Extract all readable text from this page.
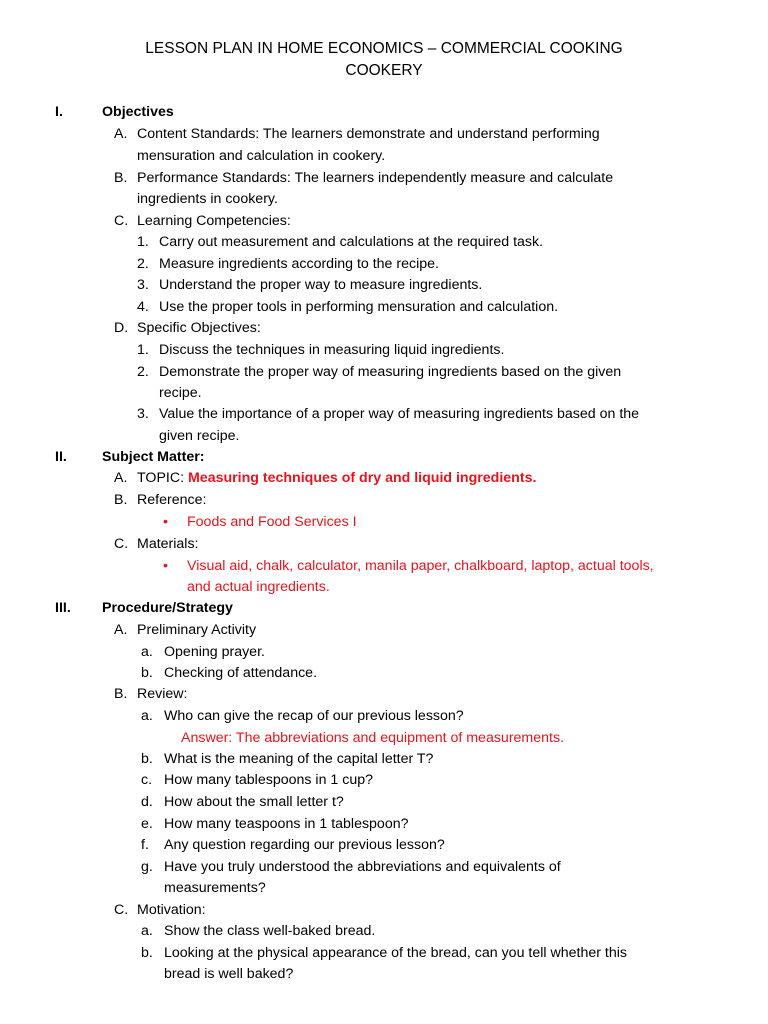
LESSON PLAN IN HOME ECONOMICS – COMMERCIAL COOKING
COOKERY
I.	Objectives
A. Content Standards: The learners demonstrate and understand performing
mensuration and calculation in cookery.
B. Performance Standards: The learners independently measure and calculate
ingredients in cookery.
C. Learning Competencies:
1. Carry out measurement and calculations at the required task.
2. Measure ingredients according to the recipe.
3. Understand the proper way to measure ingredients.
4. Use the proper tools in performing mensuration and calculation.
D. Specific Objectives:
1. Discuss the techniques in measuring liquid ingredients.
2. Demonstrate the proper way of measuring ingredients based on the given
recipe.
3. Value the importance of a proper way of measuring ingredients based on the
given recipe.
II. Subject Matter:
A. TOPIC: Measuring techniques of dry and liquid ingredients.
B. Reference:
• Foods and Food Services I
C. Materials:
• Visual aid, chalk, calculator, manila paper, chalkboard, laptop, actual tools,
and actual ingredients.
III. Procedure/Strategy
A. Preliminary Activity
a. Opening prayer.
b. Checking of attendance.
B. Review:
a. Who can give the recap of our previous lesson?
Answer: The abbreviations and equipment of measurements.
b. What is the meaning of the capital letter T?
c. How many tablespoons in 1 cup?
d. How about the small letter t?
e. How many teaspoons in 1 tablespoon?
f. Any question regarding our previous lesson?
g. Have you truly understood the abbreviations and equivalents of
measurements?
C. Motivation:
a. Show the class well-baked bread.
b. Looking at the physical appearance of the bread, can you tell whether this
bread is well baked?
